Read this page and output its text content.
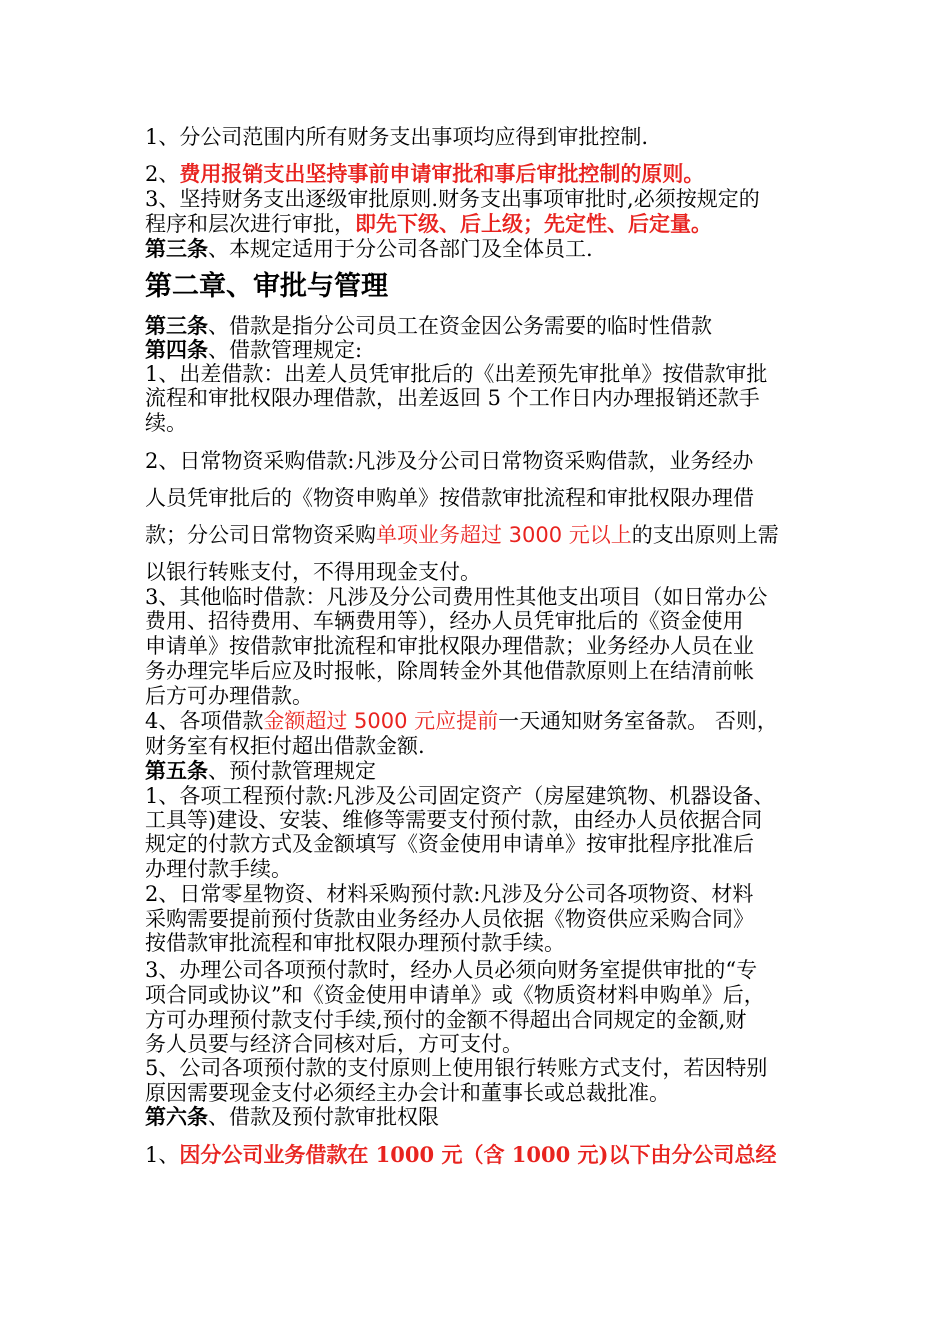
1、分公司范围内所有财务支出事项均应得到审批控制.
2、费用报销支出坚持事前申请审批和事后审批控制的原则。
3、坚持财务支出逐级审批原则.财务支出事项审批时,必须按规定的
程序和层次进行审批，即先下级、后上级；先定性、后定量。
第三条、本规定适用于分公司各部门及全体员工.
第二章、审批与管理
第三条、借款是指分公司员工在资金因公务需要的临时性借款
第四条、借款管理规定:
1、出差借款：出差人员凭审批后的《出差预先审批单》按借款审批
流程和审批权限办理借款，出差返回 5 个工作日内办理报销还款手
续。
2、日常物资采购借款:凡涉及分公司日常物资采购借款，业务经办
人员凭审批后的《物资申购单》按借款审批流程和审批权限办理借
款；分公司日常物资采购单项业务超过 3000 元以上的支出原则上需
以银行转账支付，不得用现金支付。
3、其他临时借款：凡涉及分公司费用性其他支出项目（如日常办公
费用、招待费用、车辆费用等），经办人员凭审批后的《资金使用
申请单》按借款审批流程和审批权限办理借款；业务经办人员在业
务办理完毕后应及时报帐，除周转金外其他借款原则上在结清前帐
后方可办理借款。
4、各项借款金额超过 5000 元应提前一天通知财务室备款。 否则，
财务室有权拒付超出借款金额.
第五条、预付款管理规定
1、各项工程预付款:凡涉及公司固定资产（房屋建筑物、机器设备、
工具等)建设、安装、维修等需要支付预付款，由经办人员依据合同
规定的付款方式及金额填写《资金使用申请单》按审批程序批准后
办理付款手续。
2、日常零星物资、材料采购预付款:凡涉及分公司各项物资、材料
采购需要提前预付货款由业务经办人员依据《物资供应采购合同》
按借款审批流程和审批权限办理预付款手续。
3、办理公司各项预付款时，经办人员必须向财务室提供审批的“专
项合同或协议”和《资金使用申请单》或《物质资材料申购单》后，
方可办理预付款支付手续,预付的金额不得超出合同规定的金额,财
务人员要与经济合同核对后，方可支付。
5、公司各项预付款的支付原则上使用银行转账方式支付，若因特别
原因需要现金支付必须经主办会计和董事长或总裁批准。
第六条、借款及预付款审批权限
1、因分公司业务借款在 1000 元（含 1000 元)以下由分公司总经
